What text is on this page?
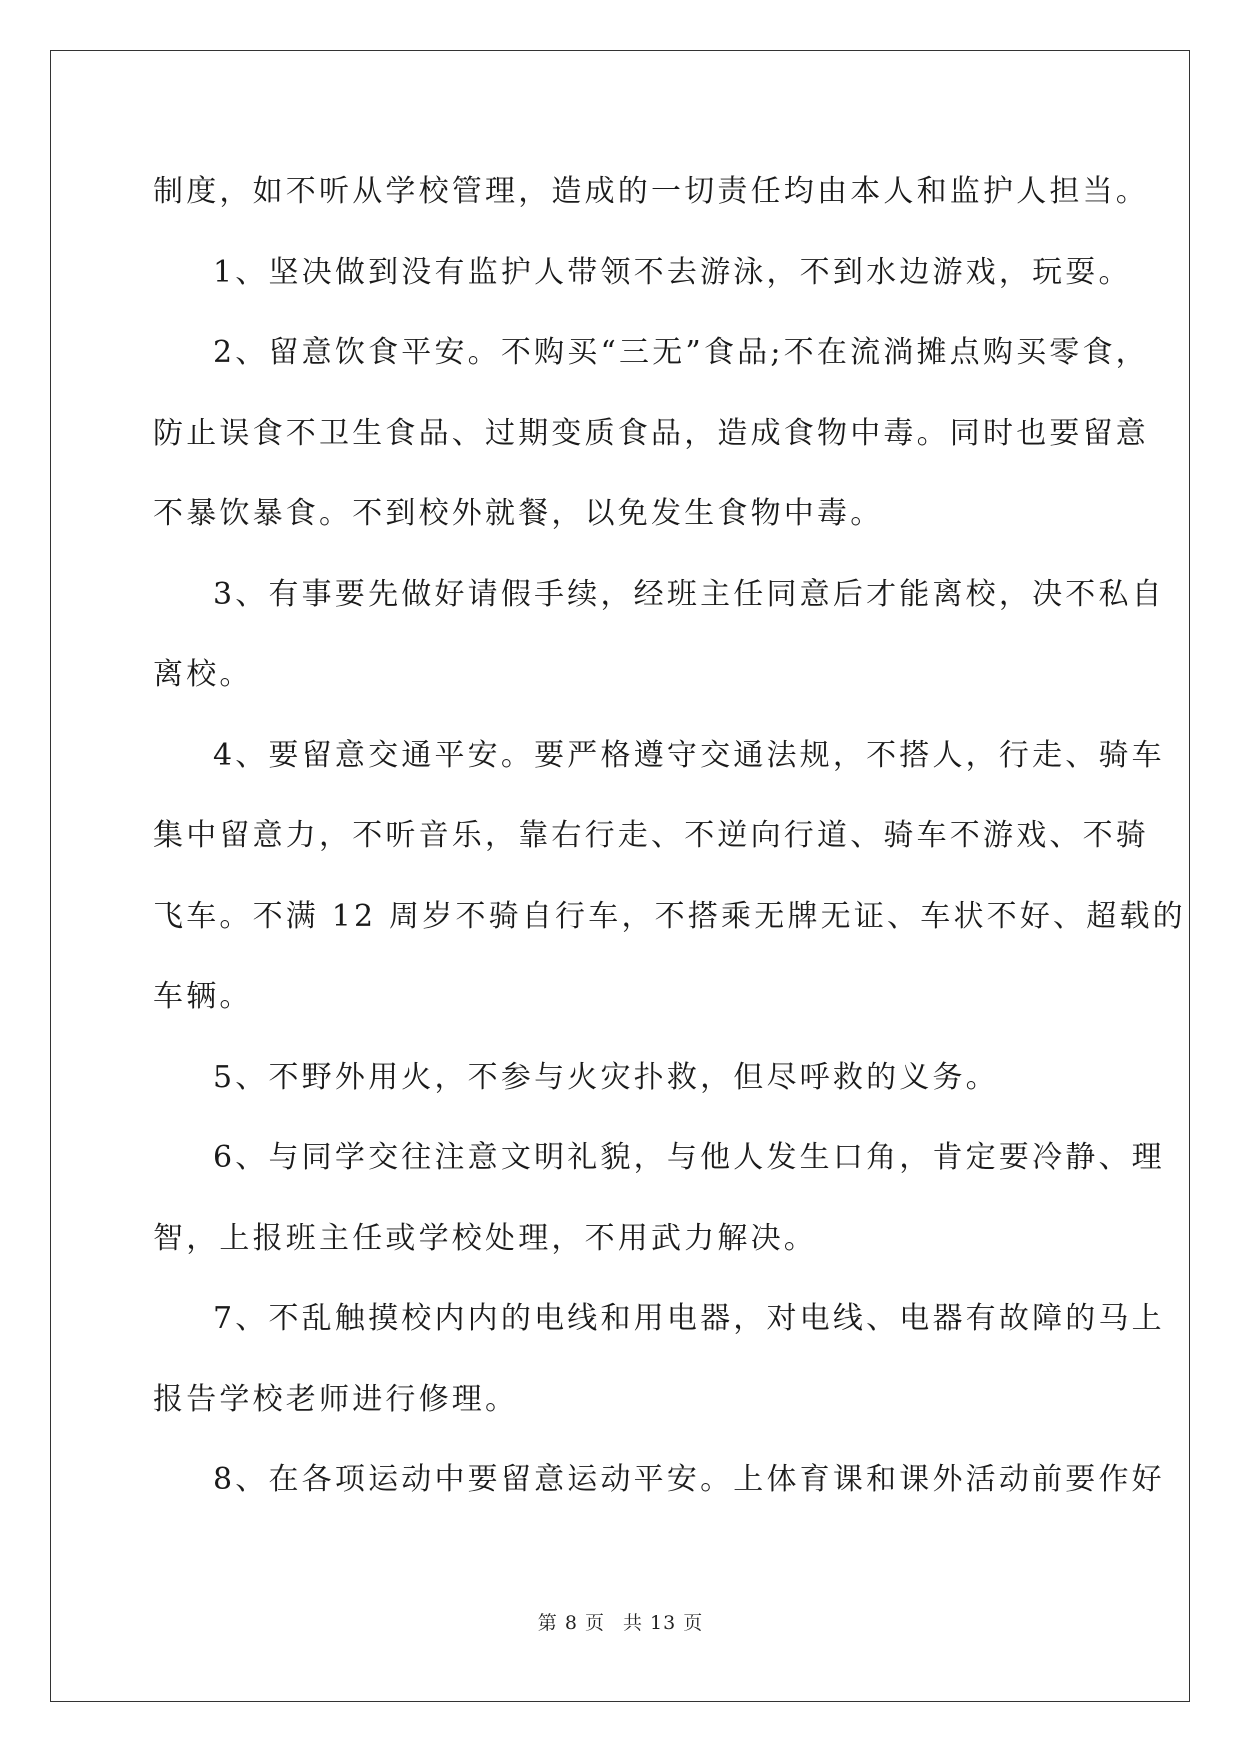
制度，如不听从学校管理，造成的一切责任均由本人和监护人担当。
1、坚决做到没有监护人带领不去游泳，不到水边游戏，玩耍。
2、留意饮食平安。不购买“三无”食品;不在流淌摊点购买零食，
防止误食不卫生食品、过期变质食品，造成食物中毒。同时也要留意
不暴饮暴食。不到校外就餐，以免发生食物中毒。
3、有事要先做好请假手续，经班主任同意后才能离校，决不私自
离校。
4、要留意交通平安。要严格遵守交通法规，不搭人，行走、骑车
集中留意力，不听音乐，靠右行走、不逆向行道、骑车不游戏、不骑
飞车。不满 12 周岁不骑自行车，不搭乘无牌无证、车状不好、超载的
车辆。
5、不野外用火，不参与火灾扑救，但尽呼救的义务。
6、与同学交往注意文明礼貌，与他人发生口角，肯定要冷静、理
智，上报班主任或学校处理，不用武力解决。
7、不乱触摸校内内的电线和用电器，对电线、电器有故障的马上
报告学校老师进行修理。
8、在各项运动中要留意运动平安。上体育课和课外活动前要作好
第 8 页 共 13 页
